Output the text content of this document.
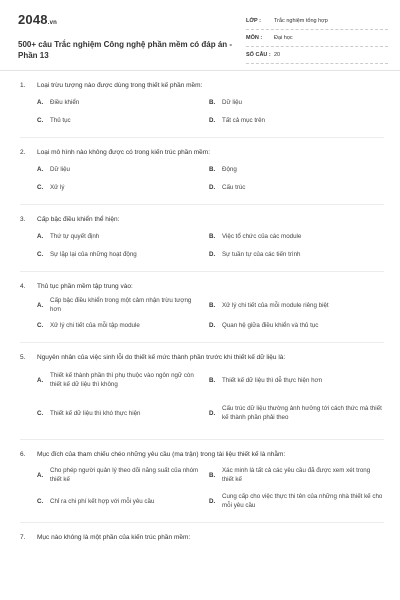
2048.vn
500+ câu Trắc nghiệm Công nghệ phần mềm có đáp án - Phần 13
LỚP :	Trắc nghiệm tổng hợp
MÔN :	Đại học
SỐ CÂU : 20
1.	Loại trừu tượng nào được dùng trong thiết kế phần mềm:
A.	Điều khiển	B.	Dữ liệu
C.	Thủ tục	D.	Tất cả mục trên
2.	Loại mô hình nào không được có trong kiến trúc phần mềm:
A.	Dữ liệu	B.	Động
C.	Xử lý	D.	Cấu trúc
3.	Cấp bậc điều khiển thể hiện:
A.	Thứ tự quyết định	B.	Việc tổ chức của các module
C.	Sự lặp lại của những hoạt động	D.	Sự tuần tự của các tiến trình
4.	Thủ tục phần mềm tập trung vào:
A.
Cấp bậc điều khiển trong một cảm nhận trừu tượng hơn
B.	Xử lý chi tiết của mỗi module riêng biệt
C.	Xử lý chi tiết của mỗi tập module	D.	Quan hệ giữa điều khiển và thủ tục
5.	Nguyên nhân của việc sinh lỗi do thiết kế mức thành phần trước khi thiết kế dữ liệu là:
A.
Thiết kế thành phần thì phụ thuộc vào ngôn ngữ còn thiết kế dữ liệu thì không
B.	Thiết kế dữ liệu thì dễ thực hiện hơn
C.	Thiết kế dữ liệu thì khó thực hiện	D.
Cấu trúc dữ liệu thường ảnh hưởng tới cách thức mà thiết kế thành phần phải theo
6.	Mục đích của tham chiếu chéo những yêu cầu (ma trận) trong tài liệu thiết kế là nhằm:
A.
Cho phép người quản lý theo dõi năng suất của nhóm thiết kế
B.
Xác minh là tất cả các yêu cầu đã được xem xét trong thiết kế
C.	Chỉ ra chi phí kết hợp với mỗi yêu cầu	D.
Cung cấp cho việc thực thi tên của những nhà thiết kế cho mỗi yêu cầu
7.	Mục nào không là một phần của kiến trúc phần mềm:
